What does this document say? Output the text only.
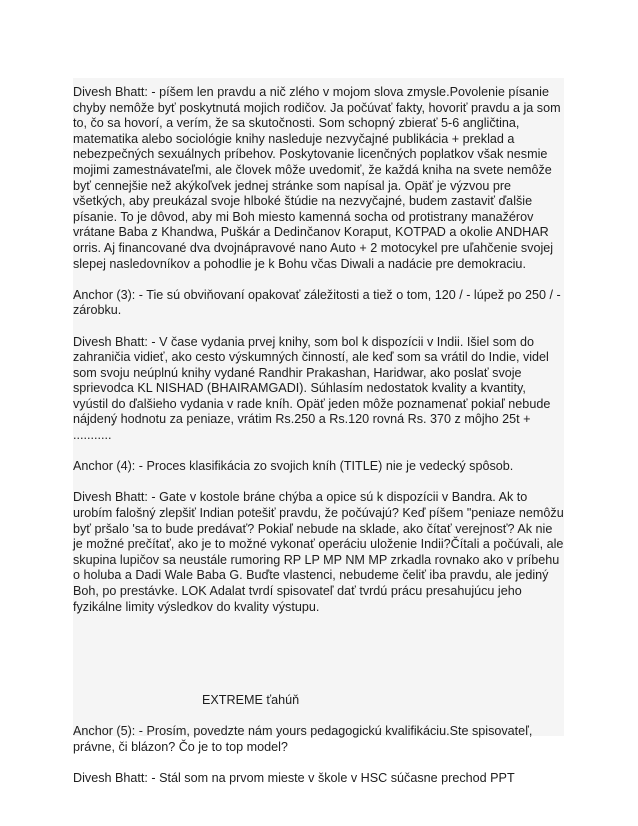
Divesh Bhatt: - píšem len pravdu a nič zlého v mojom slova zmysle.Povolenie písanie
chyby nemôže byť poskytnutá mojich rodičov. Ja počúvať fakty, hovoriť pravdu a ja som
to, čo sa hovorí, a verím, že sa skutočnosti. Som schopný zbierať 5-6 angličtina,
matematika alebo sociológie knihy nasleduje nezvyčajné publikácia + preklad a
nebezpečných sexuálnych príbehov. Poskytovanie licenčných poplatkov však nesmie
mojimi zamestnávateľmi, ale človek môže uvedomiť, že každá kniha na svete nemôže
byť cennejšie než akýkoľvek jednej stránke som napísal ja. Opäť je výzvou pre
všetkých, aby preukázal svoje hlboké štúdie na nezvyčajné, budem zastaviť ďalšie
písanie. To je dôvod, aby mi Boh miesto kamenná socha od protistrany manažérov
vrátane Baba z Khandwa, Puškár a Dedinčanov Koraput, KOTPAD a okolie ANDHAR
orris. Aj financované dva dvojnápravové nano Auto + 2 motocykel pre uľahčenie svojej
slepej nasledovníkov a pohodlie je k Bohu včas Diwali a nadácie pre demokraciu.

Anchor (3): - Tie sú obviňovaní opakovať záležitosti a tiež o tom, 120 / - lúpež po 250 / -
zárobku.

Divesh Bhatt: - V čase vydania prvej knihy, som bol k dispozícii v Indii. Išiel som do
zahraničia vidieť, ako cesto výskumných činností, ale keď som sa vrátil do Indie, videl
som svoju neúplnú knihy vydané Randhir Prakashan, Haridwar, ako poslať svoje
sprievodca KL NISHAD (BHAIRAMGADI). Súhlasím nedostatok kvality a kvantity,
vyústil do ďalšieho vydania v rade kníh. Opäť jeden môže poznamenať pokiaľ nebude
nájdený hodnotu za peniaze, vrátim Rs.250 a Rs.120 rovná Rs. 370 z môjho 25t +
...........

Anchor (4): - Proces klasifikácia zo svojich kníh (TITLE) nie je vedecký spôsob.

Divesh Bhatt: - Gate v kostole bráne chýba a opice sú k dispozícii v Bandra. Ak to
urobím falošný zlepšiť Indian potešiť pravdu, že počúvajú? Keď píšem "peniaze nemôžu
byť pršalo 'sa to bude predávať? Pokiaľ nebude na sklade, ako čítať verejnosť? Ak nie
je možné prečítať, ako je to možné vykonať operáciu uloženie Indii?Čítali a počúvali, ale
skupina lupičov sa neustále rumoring RP LP MP NM MP zrkadla rovnako ako v príbehu
o holuba a Dadi Wale Baba G. Buďte vlastenci, nebudeme čeliť iba pravdu, ale jediný
Boh, po prestávke. LOK Adalat tvrdí spisovateľ dať tvrdú prácu presahujúcu jeho
fyzikálne limity výsledkov do kvality výstupu.

EXTREME ťahúň

Anchor (5): - Prosím, povedzte nám yours pedagogickú kvalifikáciu.Ste spisovateľ,
právne, či blázon? Čo je to top model?

Divesh Bhatt: - Stál som na prvom mieste v škole v HSC súčasne prechod PPT
